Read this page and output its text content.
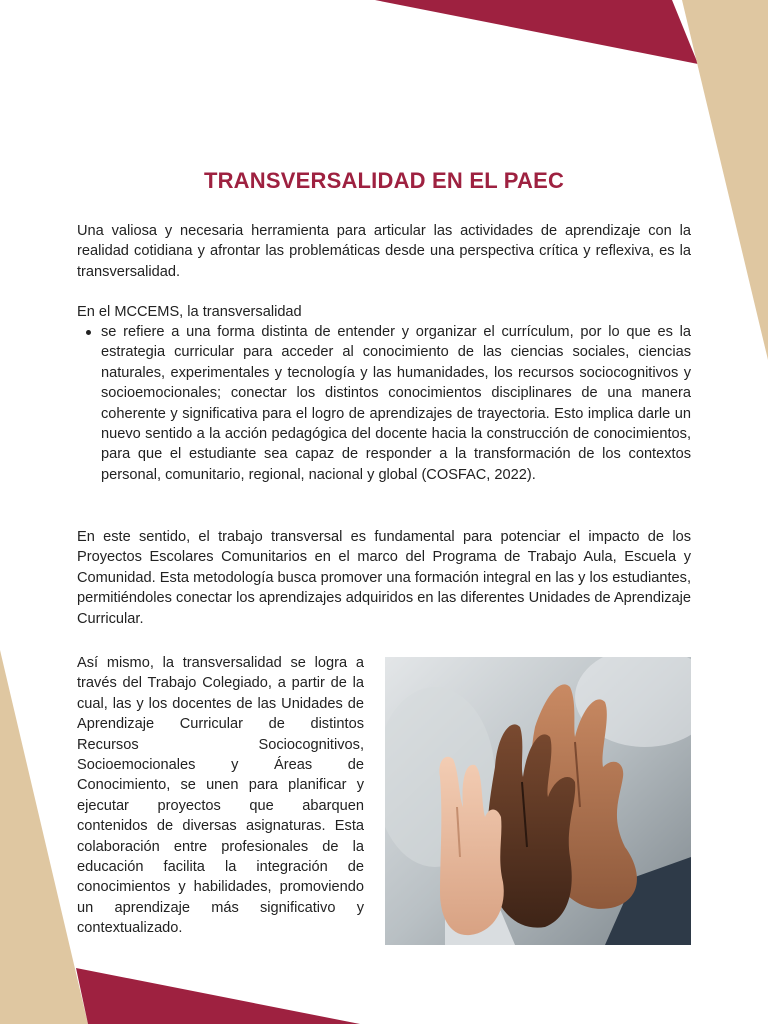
TRANSVERSALIDAD EN EL PAEC

Una valiosa y necesaria herramienta para articular las actividades de aprendizaje con la realidad cotidiana y afrontar las problemáticas desde una perspectiva crítica y reflexiva, es la transversalidad.

En el MCCEMS, la transversalidad

se refiere a una forma distinta de entender y organizar el currículum, por lo que es la estrategia curricular para acceder al conocimiento de las ciencias sociales, ciencias naturales, experimentales y tecnología y las humanidades, los recursos sociocognitivos y socioemocionales; conectar los distintos conocimientos disciplinares de una manera coherente y significativa para el logro de aprendizajes de trayectoria. Esto implica darle un nuevo sentido a la acción pedagógica del docente hacia la construcción de conocimientos, para que el estudiante sea capaz de responder a la transformación de los contextos personal, comunitario, regional, nacional y global (COSFAC, 2022).

En este sentido, el trabajo transversal es fundamental para potenciar el impacto de los Proyectos Escolares Comunitarios en el marco del Programa de Trabajo Aula, Escuela y Comunidad. Esta metodología busca promover una formación integral en las y los estudiantes, permitiéndoles conectar los aprendizajes adquiridos en las diferentes Unidades de Aprendizaje Curricular.

Así mismo, la transversalidad se logra a través del Trabajo Colegiado, a partir de la cual, las y los docentes de las Unidades de Aprendizaje Curricular de distintos Recursos Sociocognitivos, Socioemocionales y Áreas de Conocimiento, se unen para planificar y ejecutar proyectos que abarquen contenidos de diversas asignaturas. Esta colaboración entre profesionales de la educación facilita la integración de conocimientos y habilidades, promoviendo un aprendizaje más significativo y contextualizado.
